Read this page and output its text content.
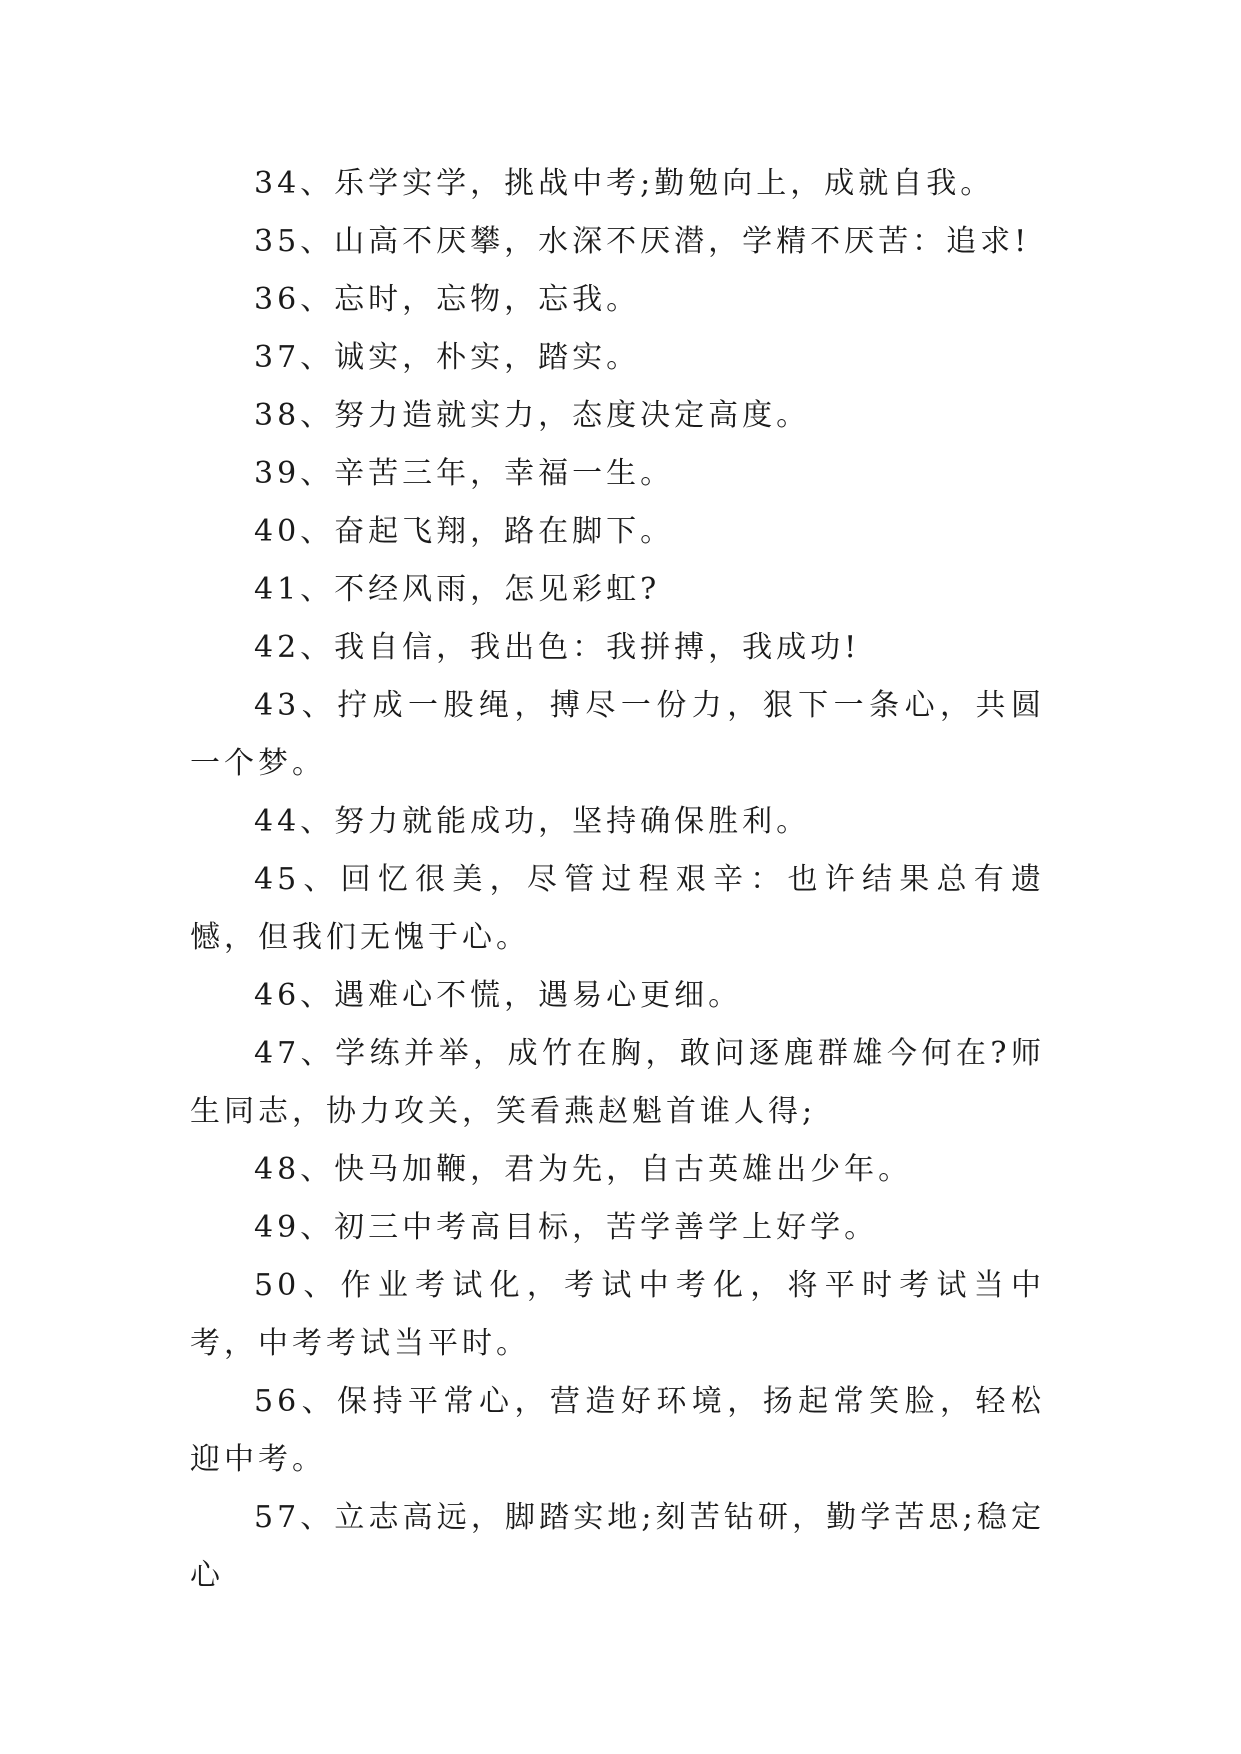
34、乐学实学，挑战中考;勤勉向上，成就自我。

35、山高不厌攀，水深不厌潜，学精不厌苦：追求!

36、忘时，忘物，忘我。

37、诚实，朴实，踏实。

38、努力造就实力，态度决定高度。

39、辛苦三年，幸福一生。

40、奋起飞翔，路在脚下。

41、不经风雨，怎见彩虹?

42、我自信，我出色：我拼搏，我成功!

43、拧成一股绳，搏尽一份力，狠下一条心，共圆一个梦。

44、努力就能成功，坚持确保胜利。

45、回忆很美，尽管过程艰辛：也许结果总有遗憾，但我们无愧于心。

46、遇难心不慌，遇易心更细。

47、学练并举，成竹在胸，敢问逐鹿群雄今何在?师生同志，协力攻关，笑看燕赵魁首谁人得;

48、快马加鞭，君为先，自古英雄出少年。

49、初三中考高目标，苦学善学上好学。

50、作业考试化，考试中考化，将平时考试当中考，中考考试当平时。

56、保持平常心，营造好环境，扬起常笑脸，轻松迎中考。

57、立志高远，脚踏实地;刻苦钻研，勤学苦思;稳定心
